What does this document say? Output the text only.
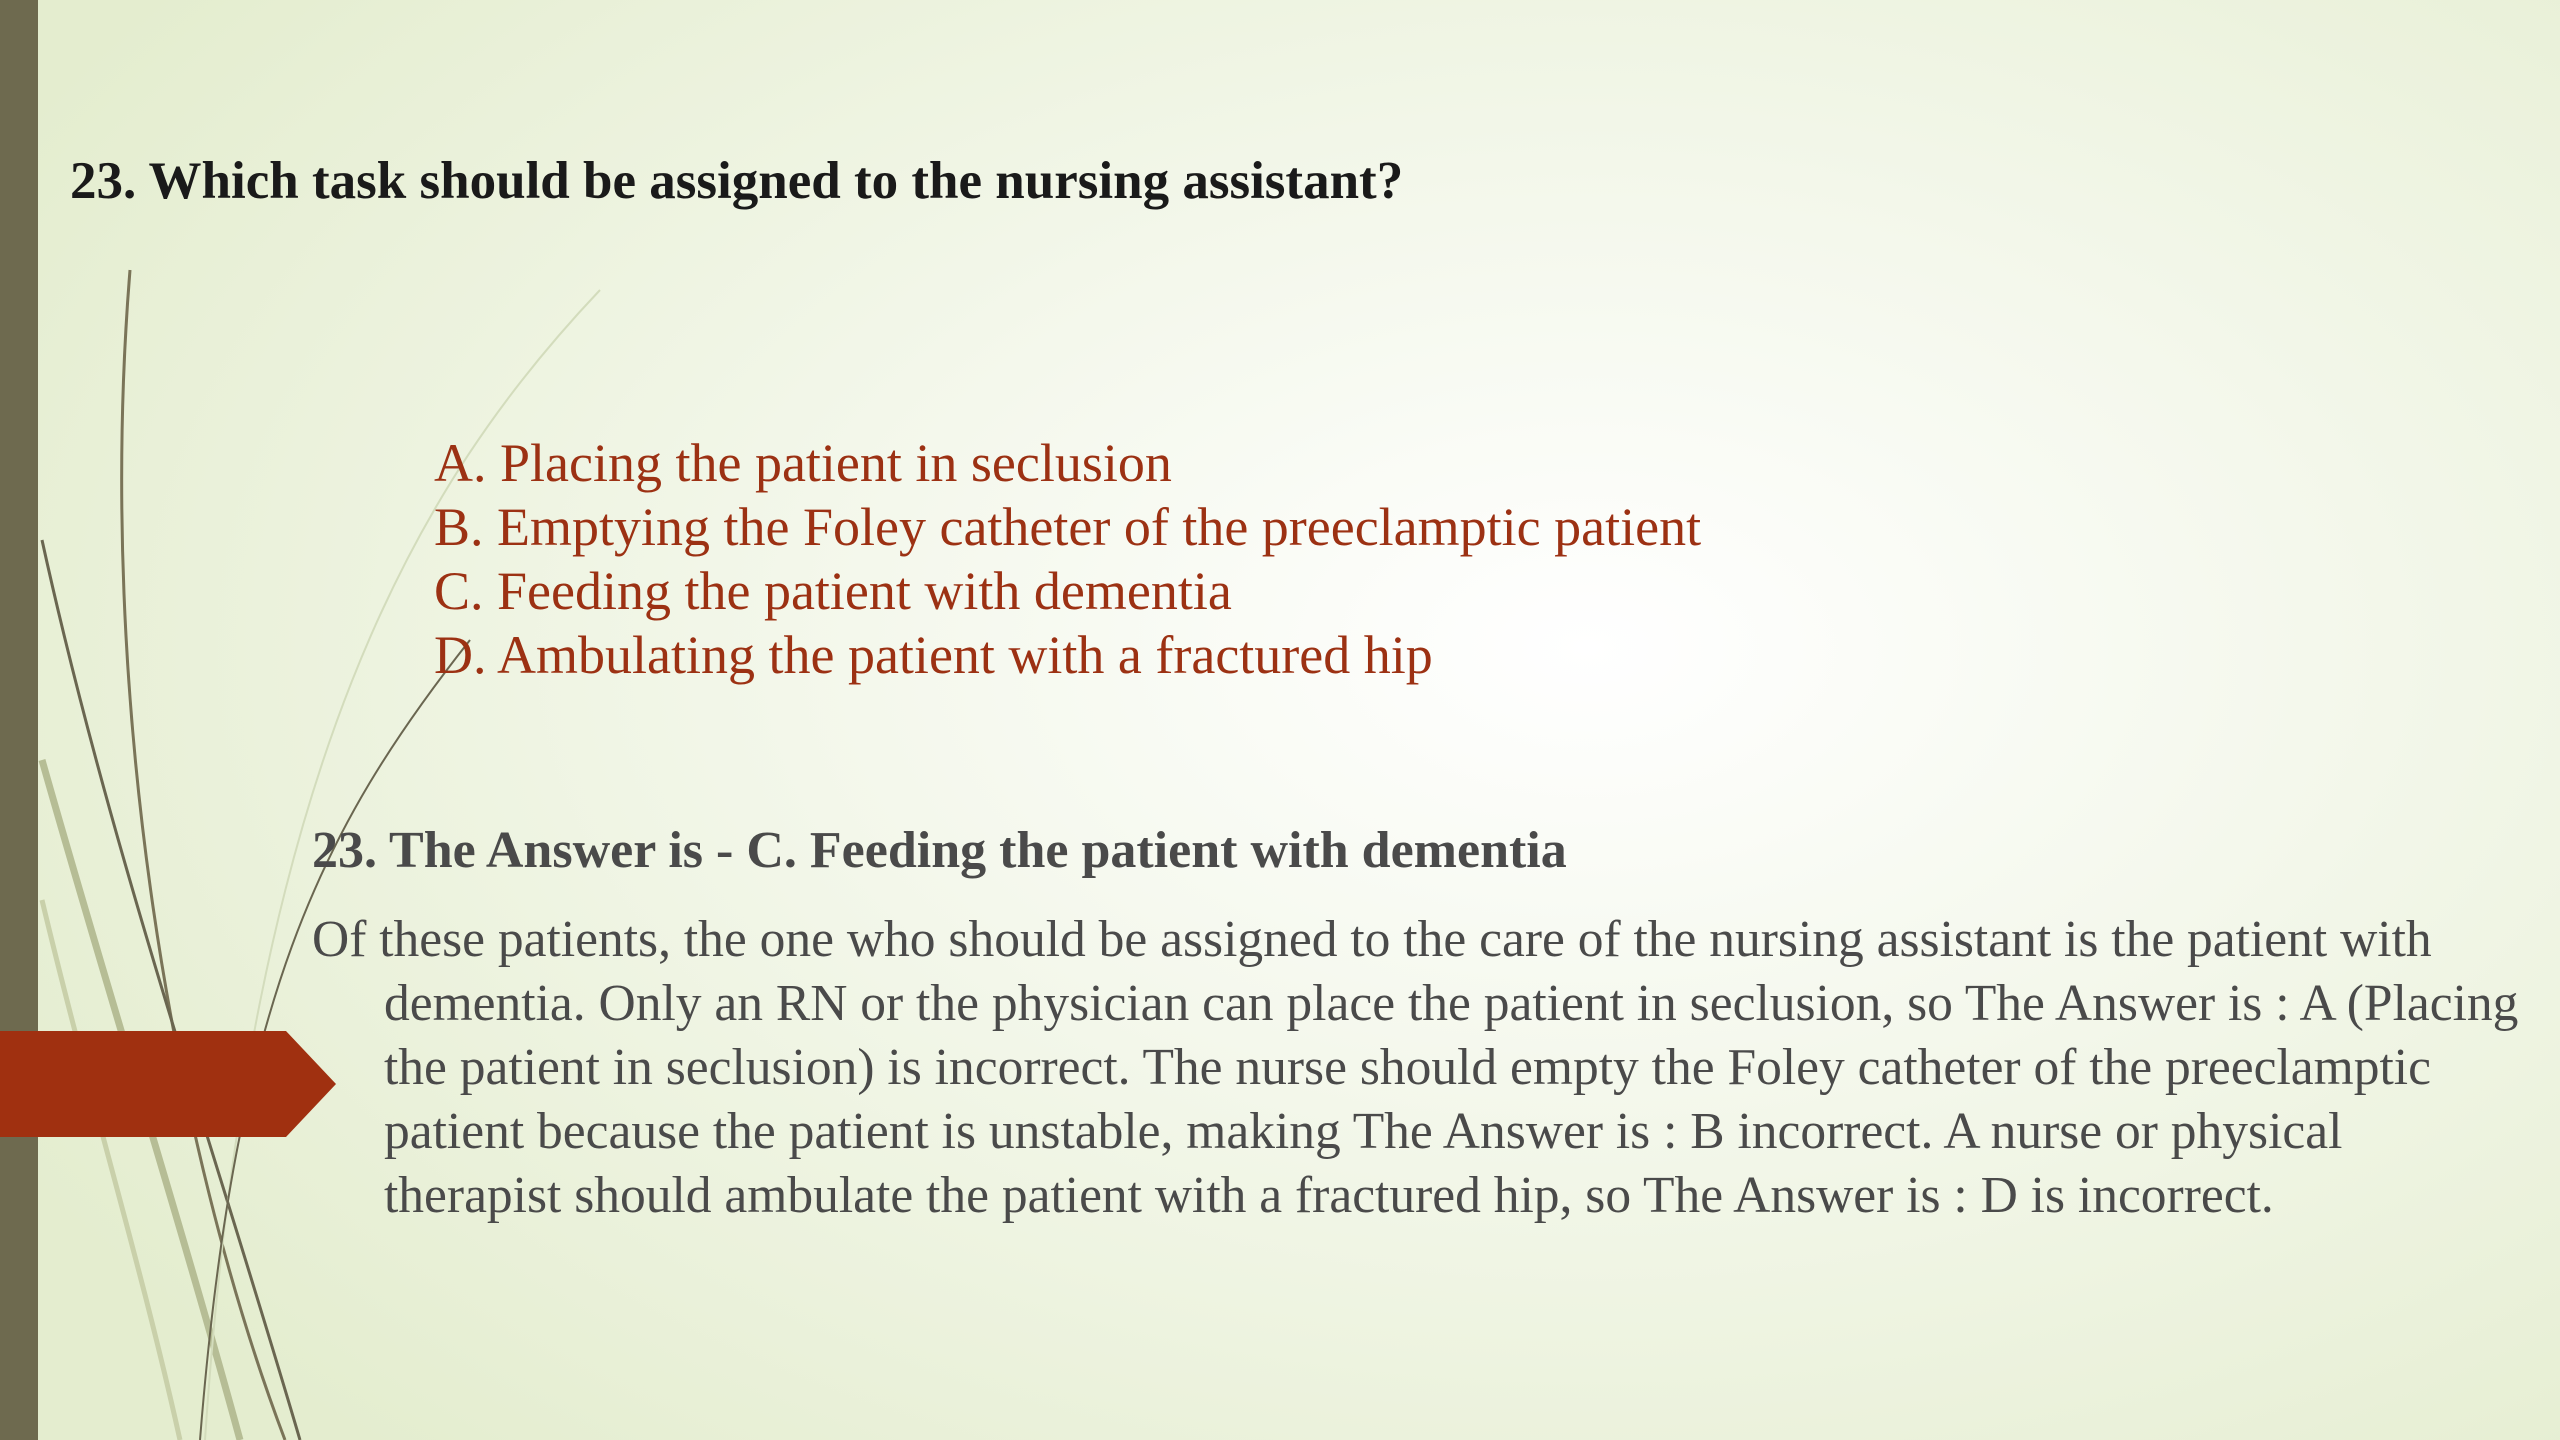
23. Which task should be assigned to the nursing assistant?
A. Placing the patient in seclusion
B. Emptying the Foley catheter of the preeclamptic patient
C. Feeding the patient with dementia
D. Ambulating the patient with a fractured hip
23. The Answer is - C. Feeding the patient with dementia

Of these patients, the one who should be assigned to the care of the nursing assistant is the patient with dementia. Only an RN or the physician can place the patient in seclusion, so The Answer is : A (Placing the patient in seclusion) is incorrect. The nurse should empty the Foley catheter of the preeclamptic patient because the patient is unstable, making The Answer is : B incorrect. A nurse or physical therapist should ambulate the patient with a fractured hip, so The Answer is : D is incorrect.
